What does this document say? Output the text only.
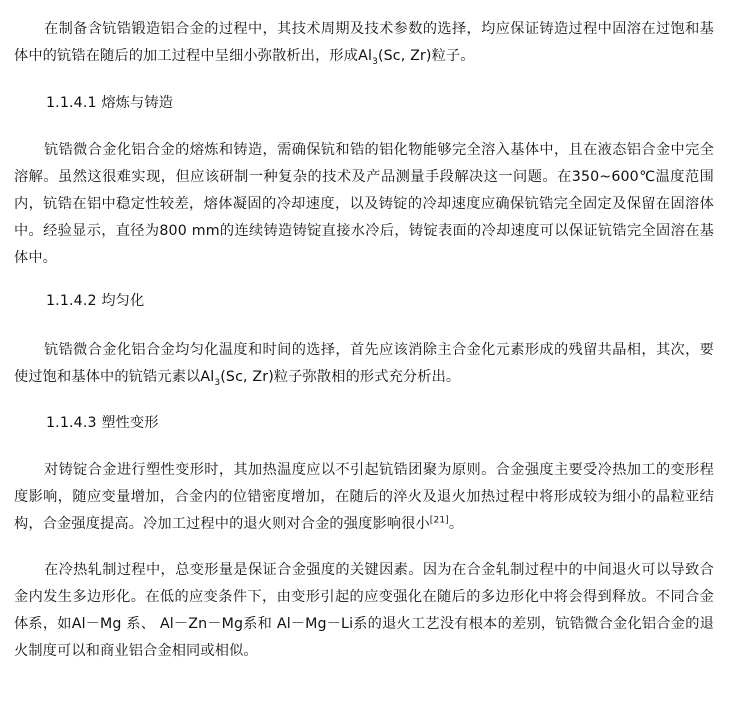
在制备含钪锆锻造铝合金的过程中，其技术周期及技术参数的选择，均应保证铸造过程中固溶在过饱和基体中的钪锆在随后的加工过程中呈细小弥散析出，形成$Al_3(Sc$, Zr)粒子。

1.1.4.1 熔炼与铸造

钪锆微合金化铝合金的熔炼和铸造，需确保钪和锆的铝化物能够完全溶入基体中，且在液态铝合金中完全溶解。虽然这很难实现，但应该研制一种复杂的技术及产品测量手段解决这一问题。在350~600℃温度范围内，钪锆在铝中稳定性较差，熔体凝固的冷却速度，以及铸锭的冷却速度应确保钪锆完全固定及保留在固溶体中。经验显示，直径为800 mm的连续铸造铸锭直接水冷后，铸锭表面的冷却速度可以保证钪锆完全固溶在基体中。

1.1.4.2 均匀化

钪锆微合金化铝合金均匀化温度和时间的选择，首先应该消除主合金化元素形成的残留共晶相，其次，要使过饱和基体中的钪锆元素以$Al_3(Sc$, Zr)粒子弥散相的形式充分析出。

1.1.4.3 塑性变形

对铸锭合金进行塑性变形时，其加热温度应以不引起钪锆团聚为原则。合金强度主要受冷热加工的变形程度影响，随应变量增加，合金内的位错密度增加，在随后的淬火及退火加热过程中将形成较为细小的晶粒亚结构，合金强度提高。冷加工过程中的退火则对合金的强度影响很小[21]。

在冷热轧制过程中，总变形量是保证合金强度的关键因素。因为在合金轧制过程中的中间退火可以导致合金内发生多边形化。在低的应变条件下，由变形引起的应变强化在随后的多边形化中将会得到释放。不同合金体系，如Al－Mg 系、 Al－Zn－Mg系和 Al－Mg－Li系的退火工艺没有根本的差别，钪锆微合金化铝合金的退火制度可以和商业铝合金相同或相似。
